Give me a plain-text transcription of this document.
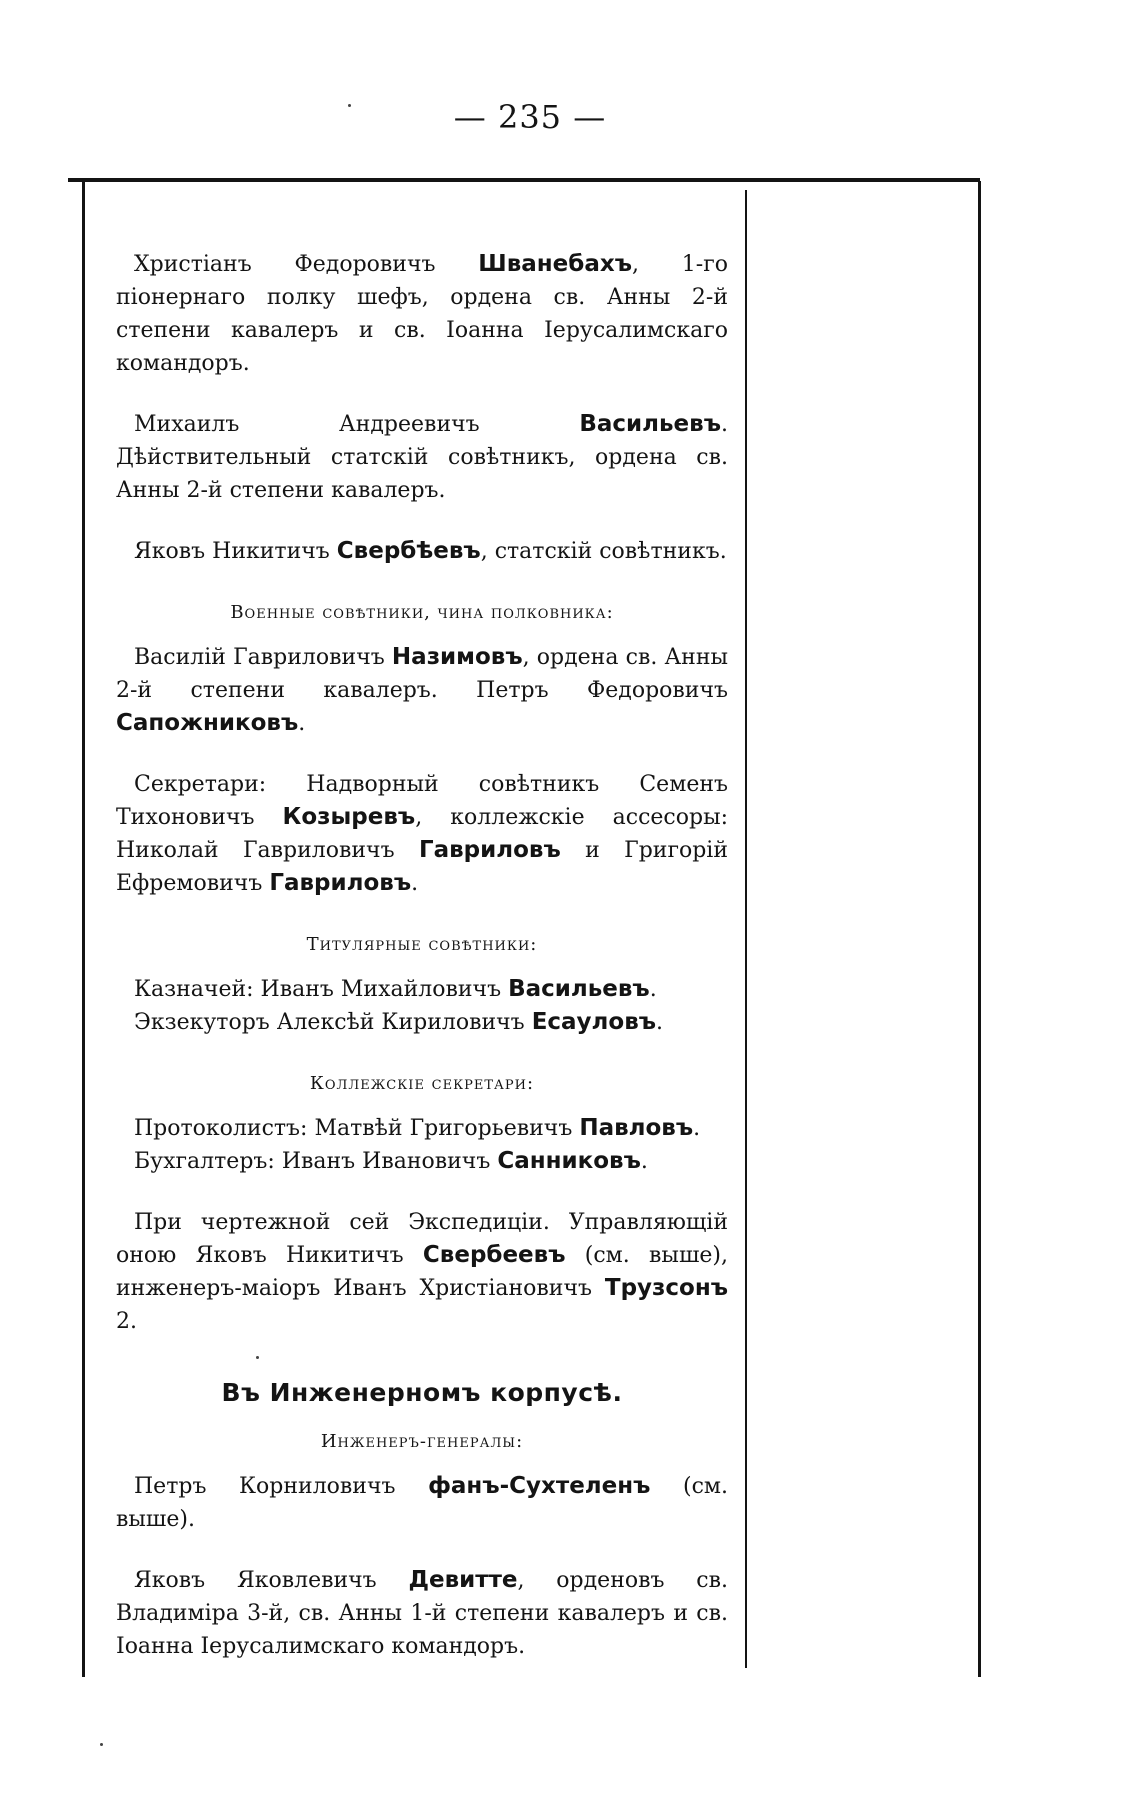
— 235 —

Христіанъ Федоровичъ Шванебахъ, 1-го піонернаго полку шефъ, ордена св. Анны 2-й степени кавалеръ и св. Іоанна Іерусалимскаго командоръ.

Михаилъ Андреевичъ Васильевъ. Дѣйствительный статскій совѣтникъ, ордена св. Анны 2-й степени кавалеръ.

Яковъ Никитичъ Свербѣевъ, статскій совѣтникъ.

Военные совѣтники, чина полковника:

Василій Гавриловичъ Назимовъ, ордена св. Анны 2-й степени кавалеръ. Петръ Федоровичъ Сапожниковъ.

Секретари: Надворный совѣтникъ Семенъ Тихоновичъ Козыревъ, коллежскіе ассесоры: Николай Гавриловичъ Гавриловъ и Григорій Ефремовичъ Гавриловъ.

Титулярные совѣтники:
Казначей: Иванъ Михайловичъ Васильевъ.
Экзекуторъ Алексѣй Кириловичъ Есауловъ.
Коллежскіе секретари:
Протоколистъ: Матвѣй Григорьевичъ Павловъ.
Бухгалтеръ: Иванъ Ивановичъ Санниковъ.

При чертежной сей Экспедиціи. Управляющій оною Яковъ Никитичъ Свербеевъ (см. выше), инженеръ-маіоръ Иванъ Христіановичъ Трузсонъ 2.

Въ Инженерномъ корпусѣ.
Инженеръ-генералы:

Петръ Корниловичъ фанъ-Сухтеленъ (см. выше).

Яковъ Яковлевичъ Девитте, орденовъ св. Владиміра 3-й, св. Анны 1-й степени кавалеръ и св. Іоанна Іерусалимскаго командоръ.
